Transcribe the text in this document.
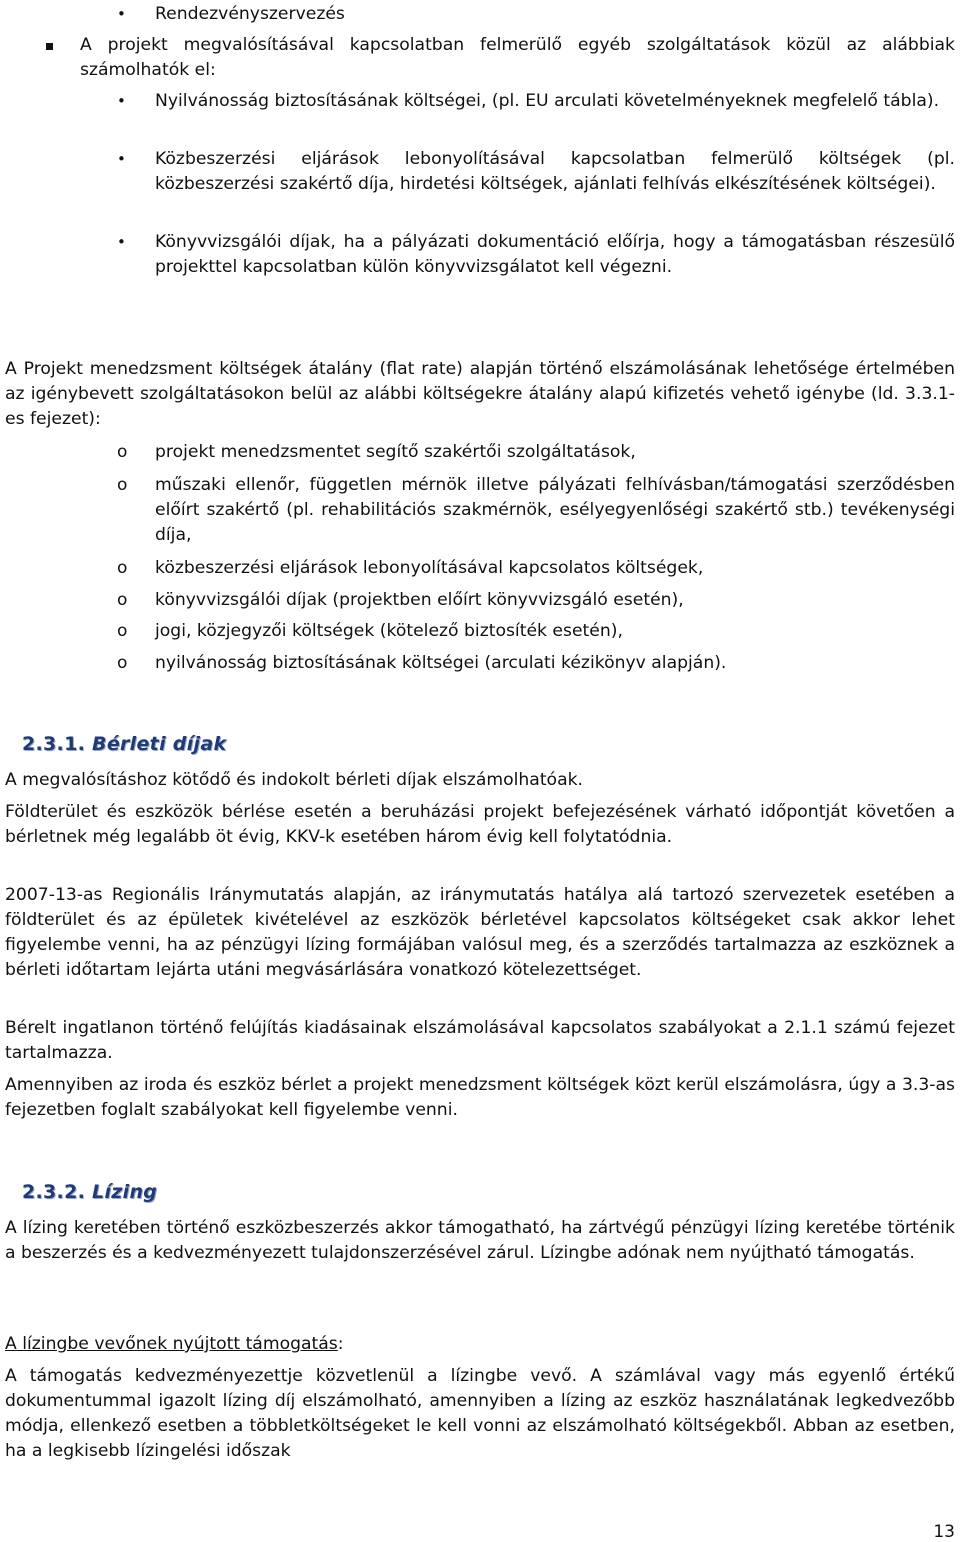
• Rendezvényszervezés
A projekt megvalósításával kapcsolatban felmerülő egyéb szolgáltatások közül az alábbiak számolhatók el:
• Nyilvánosság biztosításának költségei, (pl. EU arculati követelményeknek megfelelő tábla).
• Közbeszerzési eljárások lebonyolításával kapcsolatban felmerülő költségek (pl. közbeszerzési szakértő díja, hirdetési költségek, ajánlati felhívás elkészítésének költségei).
• Könyvvizsgálói díjak, ha a pályázati dokumentáció előírja, hogy a támogatásban részesülő projekttel kapcsolatban külön könyvvizsgálatot kell végezni.
A Projekt menedzsment költségek átalány (flat rate) alapján történő elszámolásának lehetősége értelmében az igénybevett szolgáltatásokon belül az alábbi költségekre átalány alapú kifizetés vehető igénybe (ld. 3.3.1-es fejezet):
o projekt menedzsmentet segítő szakértői szolgáltatások,
o műszaki ellenőr, független mérnök illetve pályázati felhívásban/támogatási szerződésben előírt szakértő (pl. rehabilitációs szakmérnök, esélyegyenlőségi szakértő stb.) tevékenységi díja,
o közbeszerzési eljárások lebonyolításával kapcsolatos költségek,
o könyvvizsgálói díjak (projektben előírt könyvvizsgáló esetén),
o jogi, közjegyzői költségek (kötelező biztosíték esetén),
o nyilvánosság biztosításának költségei (arculati kézikönyv alapján).
2.3.1. Bérleti díjak
A megvalósításhoz kötődő és indokolt bérleti díjak elszámolhatóak.
Földterület és eszközök bérlése esetén a beruházási projekt befejezésének várható időpontját követően a bérletnek még legalább öt évig, KKV-k esetében három évig kell folytatódnia.
2007-13-as Regionális Iránymutatás alapján, az iránymutatás hatálya alá tartozó szervezetek esetében a földterület és az épületek kivételével az eszközök bérletével kapcsolatos költségeket csak akkor lehet figyelembe venni, ha az pénzügyi lízing formájában valósul meg, és a szerződés tartalmazza az eszköznek a bérleti időtartam lejárta utáni megvásárlására vonatkozó kötelezettséget.
Bérelt ingatlanon történő felújítás kiadásainak elszámolásával kapcsolatos szabályokat a 2.1.1 számú fejezet tartalmazza.
Amennyiben az iroda és eszköz bérlet a projekt menedzsment költségek közt kerül elszámolásra, úgy a 3.3-as fejezetben foglalt szabályokat kell figyelembe venni.
2.3.2. Lízing
A lízing keretében történő eszközbeszerzés akkor támogatható, ha zártvégű pénzügyi lízing keretébe történik a beszerzés és a kedvezményezett tulajdonszerzésével zárul. Lízingbe adónak nem nyújtható támogatás.
A lízingbe vevőnek nyújtott támogatás:
A támogatás kedvezményezettje közvetlenül a lízingbe vevő. A számlával vagy más egyenlő értékű dokumentummal igazolt lízing díj elszámolható, amennyiben a lízing az eszköz használatának legkedvezőbb módja, ellenkező esetben a többletköltségeket le kell vonni az elszámolható költségekből. Abban az esetben, ha a legkisebb lízingelési időszak
13
